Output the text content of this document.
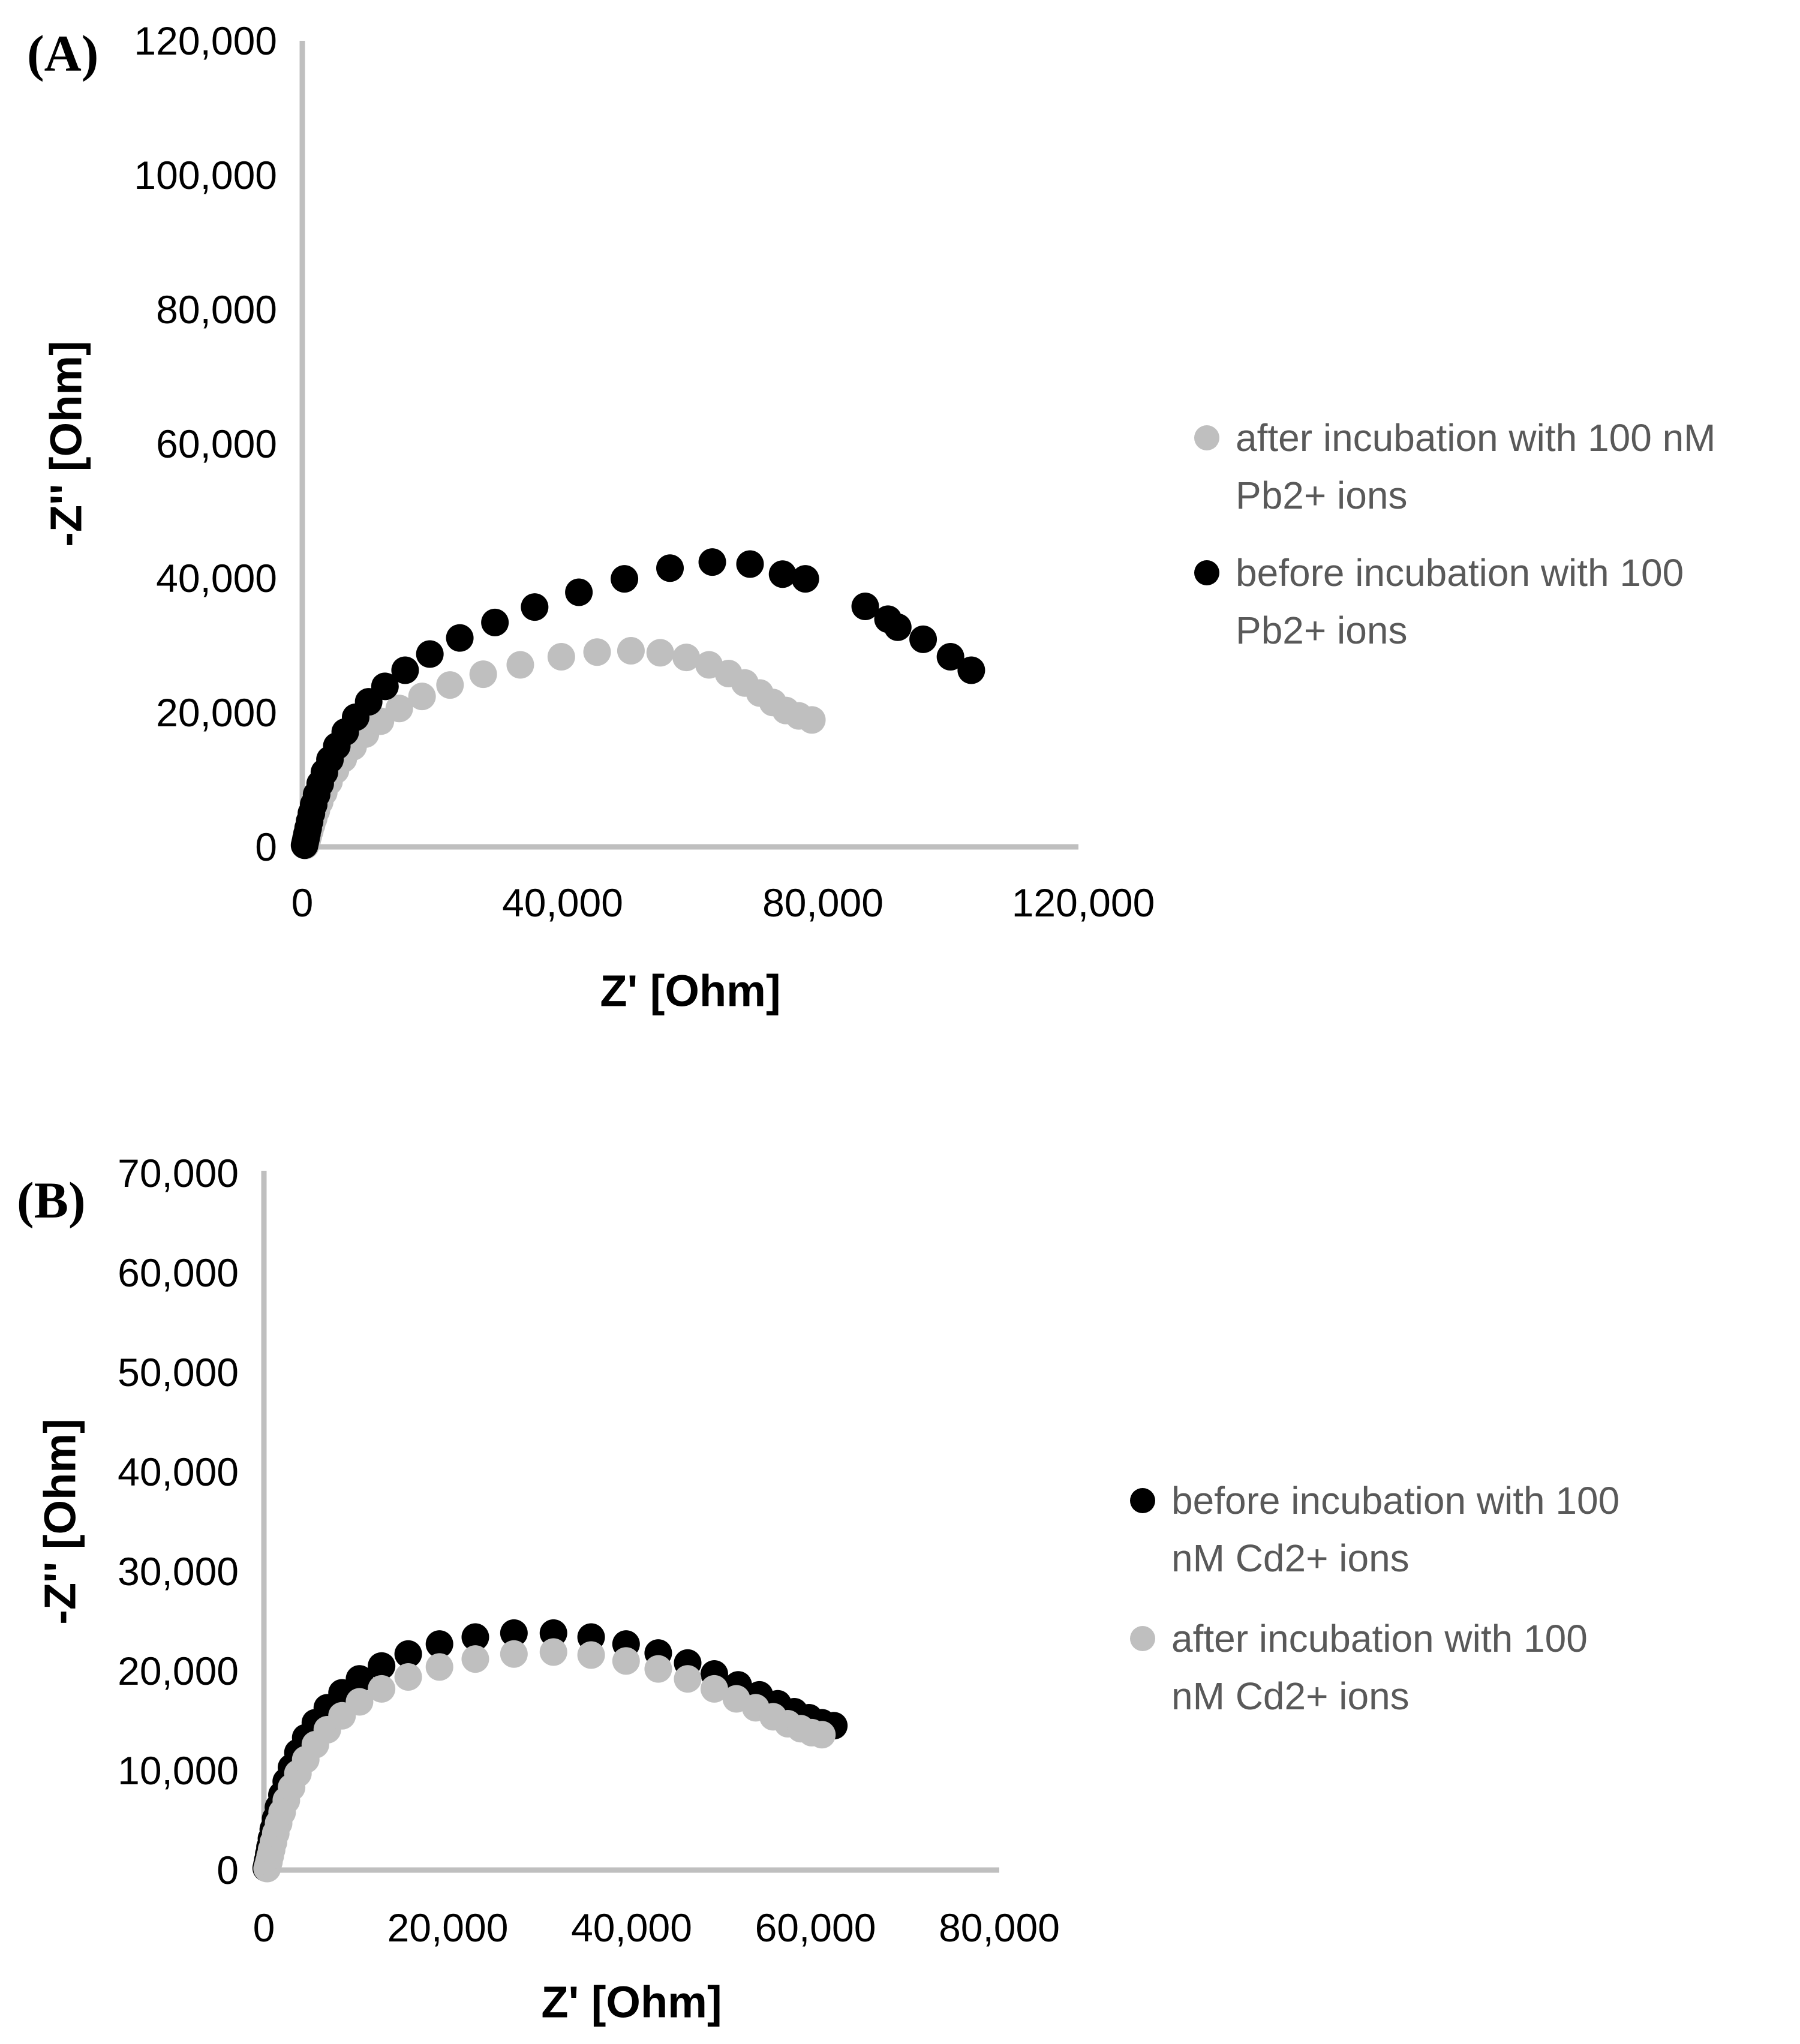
(A)
0	40,000	80,000	120,000
0
20,000
40,000
60,000
80,000
100,000
120,000
Z' [Ohm]
-Z'' [Ohm]	after incubation with 100 nM
Pb2+ ions
before incubation with 100
Pb2+ ions
(B)
0	20,000 40,000 60,000 80,000
0
10,000
20,000
30,000
40,000
50,000
60,000
70,000
Z' [Ohm]
-Z'' [Ohm]	before incubation with 100
nM Cd2+ ions
after incubation with 100
nM Cd2+ ions
